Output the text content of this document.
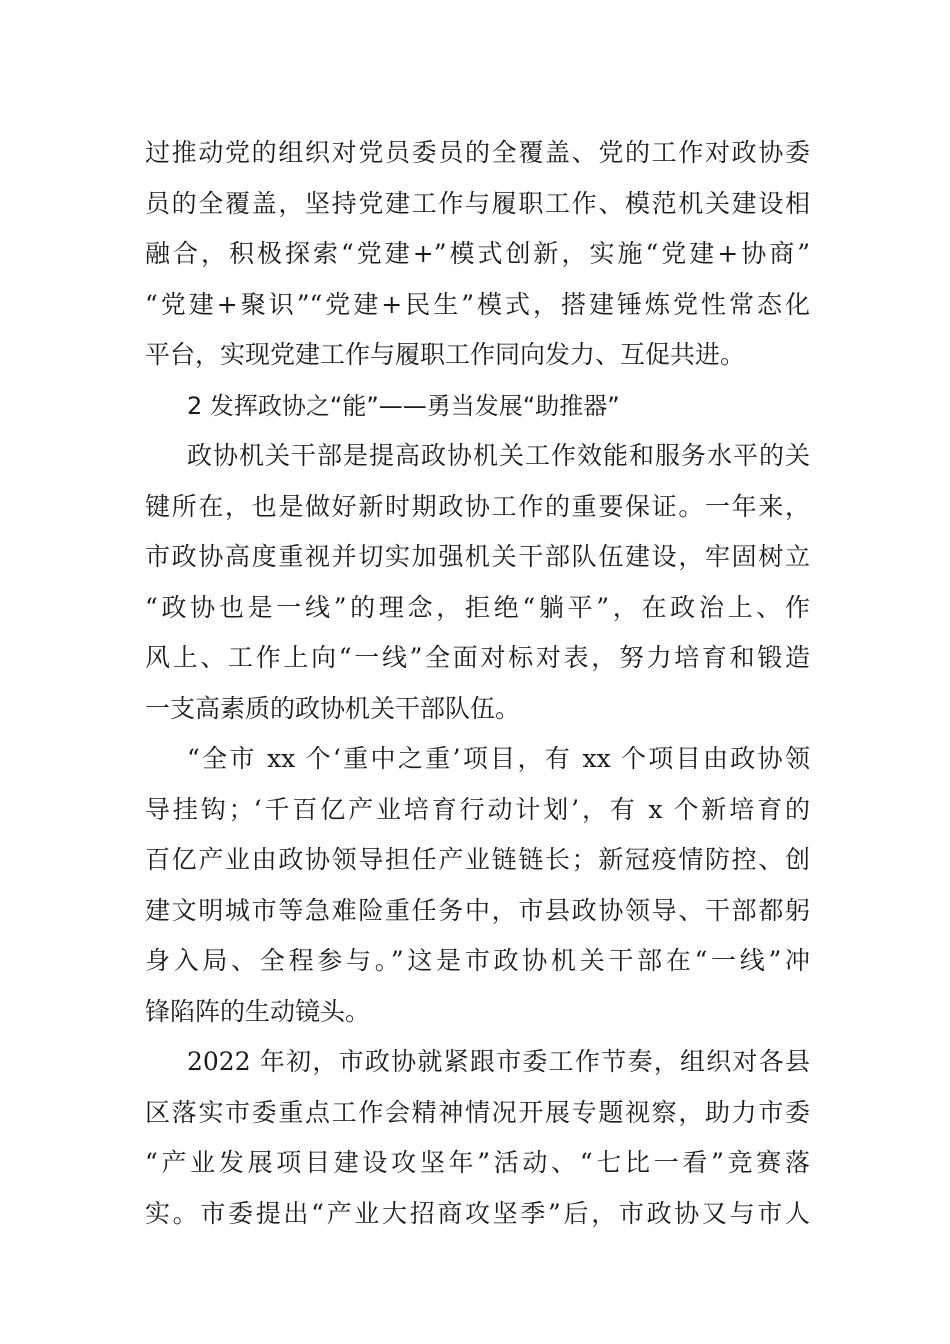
过推动党的组织对党员委员的全覆盖、党的工作对政协委
员的全覆盖，坚持党建工作与履职工作、模范机关建设相
融合，积极探索“党建+”模式创新，实施“党建+协商”
“党建+聚识”“党建+民生”模式，搭建锤炼党性常态化
平台，实现党建工作与履职工作同向发力、互促共进。
2 发挥政协之“能”——勇当发展“助推器”
政协机关干部是提高政协机关工作效能和服务水平的关
键所在，也是做好新时期政协工作的重要保证。一年来，
市政协高度重视并切实加强机关干部队伍建设，牢固树立
“政协也是一线”的理念，拒绝“躺平”，在政治上、作
风上、工作上向“一线”全面对标对表，努力培育和锻造
一支高素质的政协机关干部队伍。
“全市 xx 个‘重中之重’项目，有 xx 个项目由政协领
导挂钩；‘千百亿产业培育行动计划’，有 x 个新培育的
百亿产业由政协领导担任产业链链长；新冠疫情防控、创
建文明城市等急难险重任务中，市县政协领导、干部都躬
身入局、全程参与。”这是市政协机关干部在“一线”冲
锋陷阵的生动镜头。
2022 年初，市政协就紧跟市委工作节奏，组织对各县
区落实市委重点工作会精神情况开展专题视察，助力市委
“产业发展项目建设攻坚年”活动、“七比一看”竞赛落
实。市委提出“产业大招商攻坚季”后，市政协又与市人
